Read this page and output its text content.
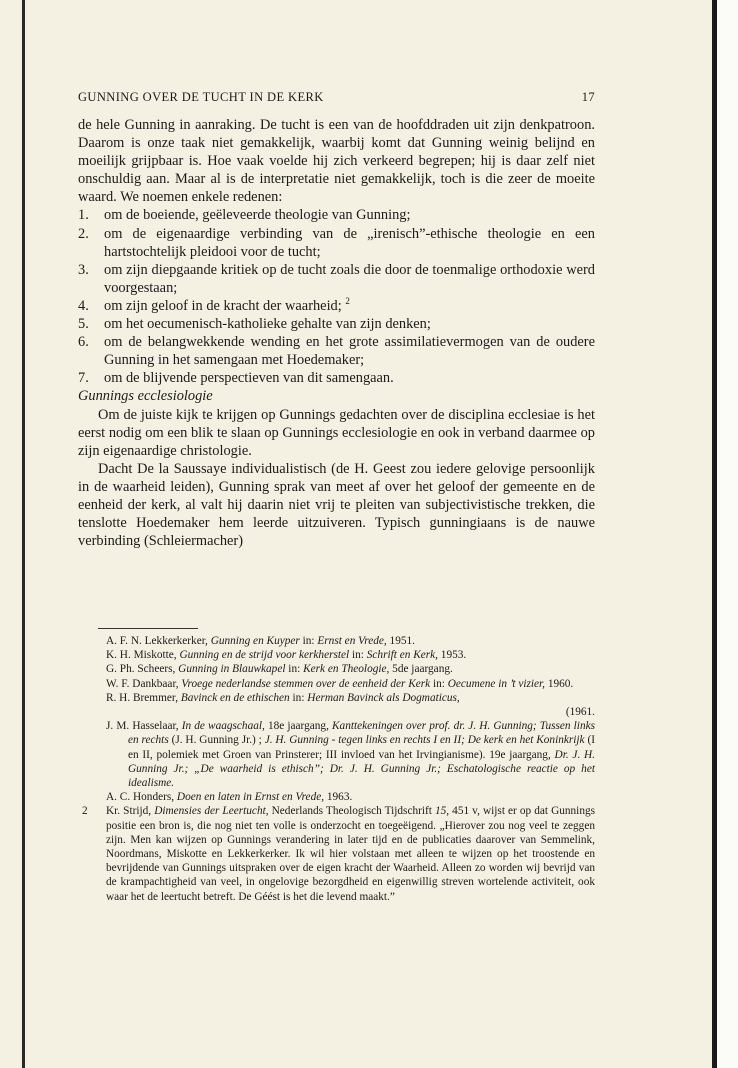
GUNNING OVER DE TUCHT IN DE KERK	17

de hele Gunning in aanraking. De tucht is een van de hoofddraden uit zijn denkpatroon. Daarom is onze taak niet gemakkelijk, waarbij komt dat Gunning weinig belijnd en moeilijk grijpbaar is. Hoe vaak voelde hij zich verkeerd begrepen; hij is daar zelf niet onschuldig aan. Maar al is de interpretatie niet gemakkelijk, toch is die zeer de moeite waard. We noemen enkele redenen:

1. om de boeiende, geëleveerde theologie van Gunning;
2. om de eigenaardige verbinding van de „irenisch”-ethische theologie en een hartstochtelijk pleidooi voor de tucht;
3. om zijn diepgaande kritiek op de tucht zoals die door de toenmalige orthodoxie werd voorgestaan;
4. om zijn geloof in de kracht der waarheid; $^2$
5. om het oecumenisch-katholieke gehalte van zijn denken;
6. om de belangwekkende wending en het grote assimilatievermogen van de oudere Gunning in het samengaan met Hoedemaker;
7. om de blijvende perspectieven van dit samengaan.

Gunnings ecclesiologie

Om de juiste kijk te krijgen op Gunnings gedachten over de disciplina ecclesiae is het eerst nodig om een blik te slaan op Gunnings ecclesiologie en ook in verband daarmee op zijn eigenaardige christologie.

Dacht De la Saussaye individualistisch (de H. Geest zou iedere gelovige persoonlijk in de waarheid leiden), Gunning sprak van meet af over het geloof der gemeente en de eenheid der kerk, al valt hij daarin niet vrij te pleiten van subjectivistische trekken, die tenslotte Hoedemaker hem leerde uitzuiveren. Typisch gunningiaans is de nauwe verbinding (Schleiermacher)

A. F. N. Lekkerkerker, Gunning en Kuyper in: Ernst en Vrede, 1951.
K. H. Miskotte, Gunning en de strijd voor kerkherstel in: Schrift en Kerk, 1953.
G. Ph. Scheers, Gunning in Blauwkapel in: Kerk en Theologie, 5de jaargang.
W. F. Dankbaar, Vroege nederlandse stemmen over de eenheid der Kerk in: Oecumene in ’t vizier, 1960.
R. H. Bremmer, Bavinck en de ethischen in: Herman Bavinck als Dogmaticus,
(1961.
J. M. Hasselaar, In de waagschaal, 18e jaargang, Kanttekeningen over prof. dr. J. H. Gunning; Tussen links en rechts (J. H. Gunning Jr.) ; J. H. Gunning - tegen links en rechts I en II; De kerk en het Koninkrijk (I en II, polemiek met Groen van Prinsterer; III invloed van het Irvingianisme). 19e jaargang, Dr. J. H. Gunning Jr.; „De waarheid is ethisch”; Dr. J. H. Gunning Jr.; Eschatologische reactie op het idealisme.
A. C. Honders, Doen en laten in Ernst en Vrede, 1963.
2 Kr. Strijd, Dimensies der Leertucht, Nederlands Theologisch Tijdschrift 15, 451 v, wijst er op dat Gunnings positie een bron is, die nog niet ten volle is onderzocht en toegeëigend. „Hierover zou nog veel te zeggen zijn. Men kan wijzen op Gunnings verandering in later tijd en de publicaties daarover van Semmelink, Noordmans, Miskotte en Lekkerkerker. Ik wil hier volstaan met alleen te wijzen op het troostende en bevrijdende van Gunnings uitspraken over de eigen kracht der Waarheid. Alleen zo worden wij bevrijd van de krampachtigheid van veel, in ongelovige bezorgdheid en eigenwillig streven wortelende activiteit, ook waar het de leertucht betreft. De Géést is het die levend maakt.”
